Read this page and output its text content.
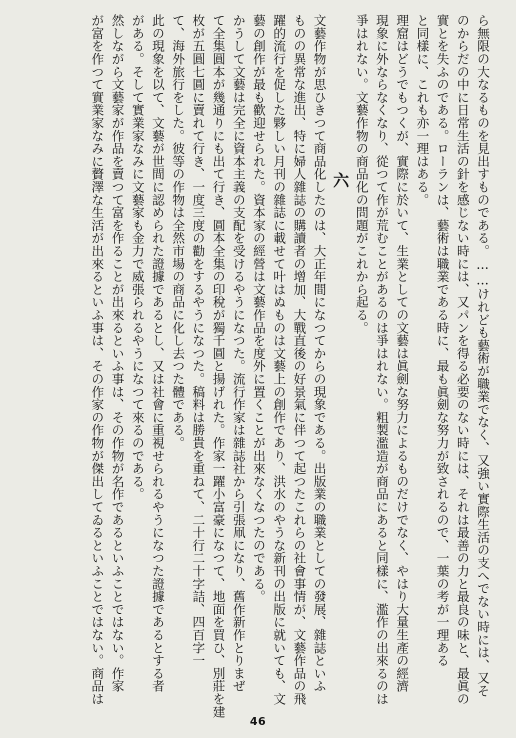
ら無限の大なるものを見出すものである。……けれども藝術が職業でなく、又強い實際生活の支へでない時には、又そ
のからだの中に日常生活の針を感じない時には、又パンを得る必要のない時には、それは最善の力と最良の味と、最眞の
實とを失ふのである。ローランは、藝術は職業である時に、最も眞劍な努力が致されるので、一葉の考が一理ある
と同樣に、これも亦一理はある。
理窟はどうでもつくが、實際に於いて、生業としての文藝は眞劍な努力によるものだけでなく、やはり大量生產の經濟
現象に外ならなくなり、從つて作が荒むことがあるのは爭はれない。粗製濫造が商品にあると同樣に、濫作の出來るのは
爭はれない。文藝作物の商品化の問題がこれから起る。
六
文藝作物が思ひきつて商品化したのは、大正年間になつてからの現象である。出版業の職業としての發展、雜誌といふ
ものの異常な進出、特に婦人雜誌の購讀者の增加、大戰直後の好景氣に伴つて起つたこれらの社會事情が、文藝作品の飛
躍的流行を促した夥しい月刊の雜誌に載せて叶はぬものは文藝上の創作であり、洪水のやうな新刊の出版に就いても、文
藝の創作が最も歡迎せられた。資本家の經營は文藝作品を度外に置くことが出來なくなつたのである。
かうして文藝は完全に資本主義の支配を受けるやうになつた。流行作家は雜誌社から引張凧になり、舊作新作とりまぜ
て全集圓本が幾通りにも出て行き、圓本全集の印稅が獨千圓と揚げれた。作家一躍小富豪になつて、地面を買ひ、別莊を建
枚が五圓七圓に賣れて行き、一度三度の勸をするやうになつた。稿料は勝貴を重ねて、二十行二十字詰、四百字一
て、海外旅行をした。彼等の作物は全然市場の商品に化し去つた體である。
此の現象を以て、文藝が世間に認められた證據であるとし、又は社會に重視せられるやうになつた證據であるとする者
がある。そして實業家なみに文藝家も金力で威張られるやうになつて來るのである。
然しながら文藝家が作品を賣つて富を作ることが出來るといふ事は、その作物が名作であるといふことではない。作家
が富を作つて實業家なみに贅澤な生活が出來るといふ事は、その作家の作物が傑出してゐるといふことではない。商品は
46
